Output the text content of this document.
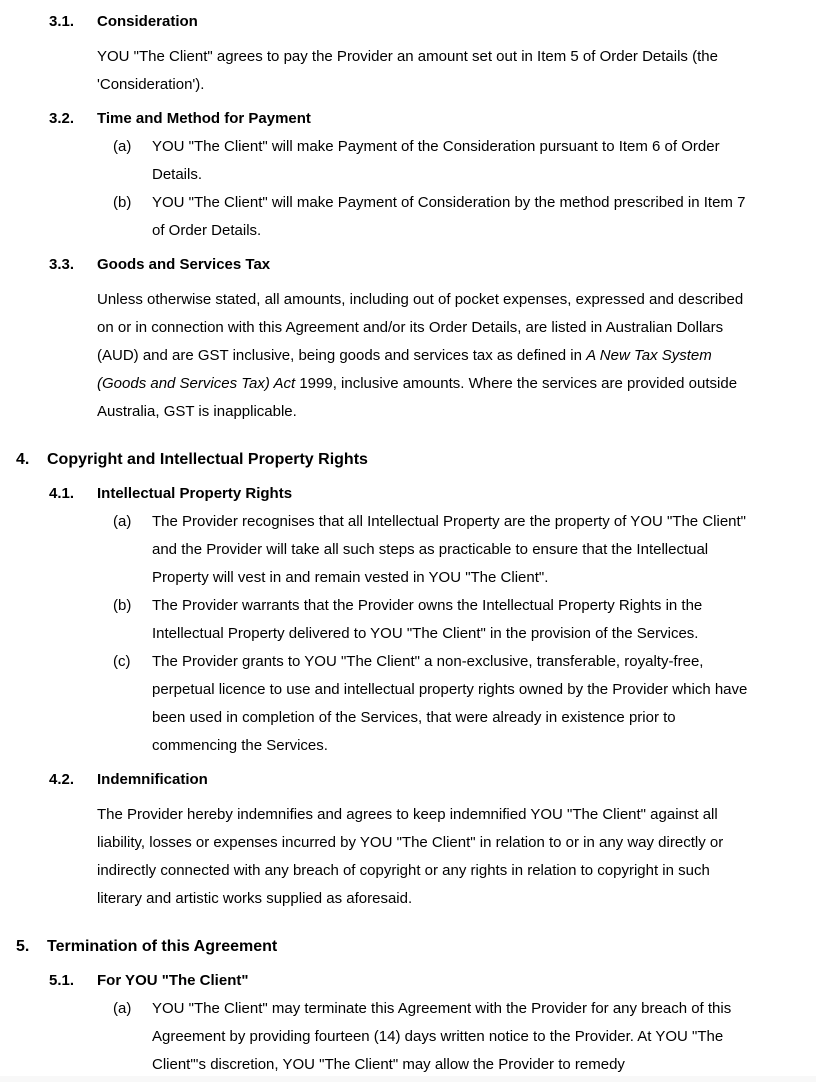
3.1.	Consideration
YOU "The Client" agrees to pay the Provider an amount set out in Item 5 of Order Details (the 'Consideration').
3.2.	Time and Method for Payment
(a)	YOU "The Client" will make Payment of the Consideration pursuant to Item 6 of Order Details.
(b)	YOU "The Client" will make Payment of Consideration by the method prescribed in Item 7 of Order Details.
3.3.	Goods and Services Tax
Unless otherwise stated, all amounts, including out of pocket expenses, expressed and described on or in connection with this Agreement and/or its Order Details, are listed in Australian Dollars (AUD) and are GST inclusive, being goods and services tax as defined in A New Tax System (Goods and Services Tax) Act 1999, inclusive amounts. Where the services are provided outside Australia, GST is inapplicable.
4.	Copyright and Intellectual Property Rights
4.1.	Intellectual Property Rights
(a)	The Provider recognises that all Intellectual Property are the property of YOU "The Client" and the Provider will take all such steps as practicable to ensure that the Intellectual Property will vest in and remain vested in YOU "The Client".
(b)	The Provider warrants that the Provider owns the Intellectual Property Rights in the Intellectual Property delivered to YOU "The Client" in the provision of the Services.
(c)	The Provider grants to YOU "The Client" a non-exclusive, transferable, royalty-free, perpetual licence to use and intellectual property rights owned by the Provider which have been used in completion of the Services, that were already in existence prior to commencing the Services.
4.2.	Indemnification
The Provider hereby indemnifies and agrees to keep indemnified YOU "The Client" against all liability, losses or expenses incurred by YOU "The Client" in relation to or in any way directly or indirectly connected with any breach of copyright or any rights in relation to copyright in such literary and artistic works supplied as aforesaid.
5.	Termination of this Agreement
5.1.	For YOU "The Client"
(a)	YOU "The Client" may terminate this Agreement with the Provider for any breach of this Agreement by providing fourteen (14) days written notice to the Provider. At YOU "The Client"'s discretion, YOU "The Client" may allow the Provider to remedy
